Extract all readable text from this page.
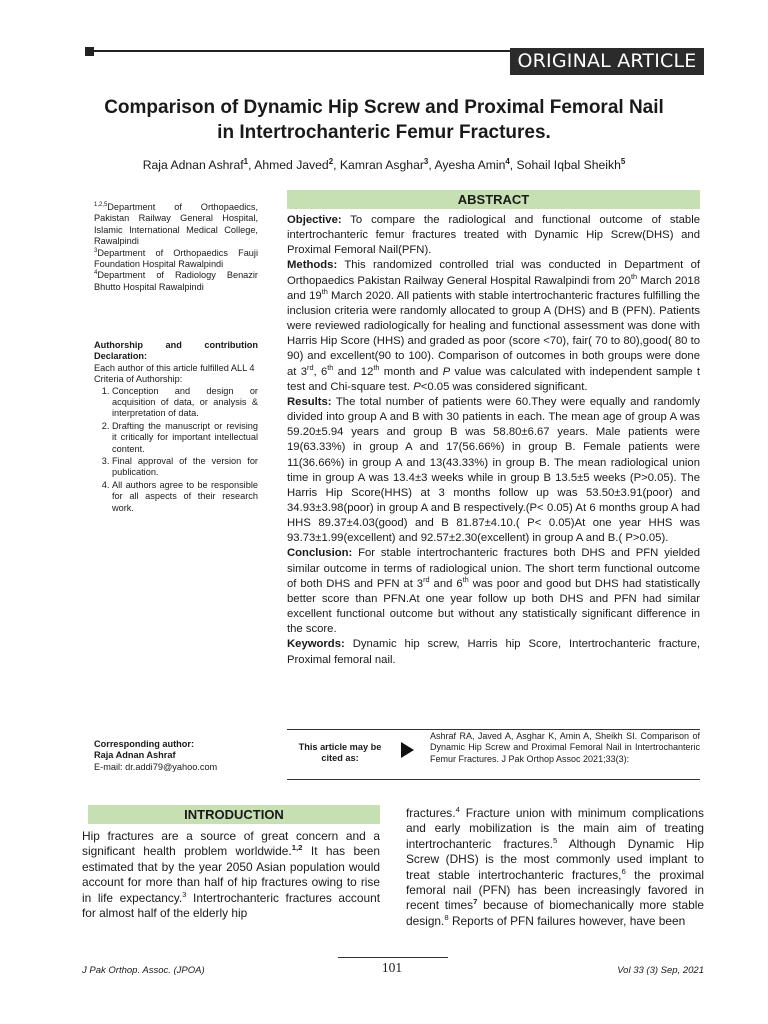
ORIGINAL ARTICLE
Comparison of Dynamic Hip Screw and Proximal Femoral Nail
in Intertrochanteric Femur Fractures.
Raja Adnan Ashraf$^1$, Ahmed Javed$^2$, Kamran Asghar$^3$, Ayesha Amin$^4$, Sohail Iqbal Sheikh$^5$
$^{1,2,5}$Department of Orthopaedics, Pakistan Railway General Hospital, Islamic International Medical College, Rawalpindi
$^3$Department of Orthopaedics Fauji Foundation Hospital Rawalpindi
$^4$Department of Radiology Benazir Bhutto Hospital Rawalpindi
Authorship and contribution Declaration:
Each author of this article fulfilled ALL 4 Criteria of Authorship:
1. Conception and design or acquisition of data, or analysis & interpretation of data.
2. Drafting the manuscript or revising it critically for important intellectual content.
3. Final approval of the version for publication.
4. All authors agree to be responsible for all aspects of their research work.
Corresponding author:
Raja Adnan Ashraf
E-mail: dr.addi79@yahoo.com
ABSTRACT

Objective: To compare the radiological and functional outcome of stable intertrochanteric femur fractures treated with Dynamic Hip Screw(DHS) and Proximal Femoral Nail(PFN).

Methods: This randomized controlled trial was conducted in Department of Orthopaedics Pakistan Railway General Hospital Rawalpindi from 20th March 2018 and 19th March 2020. All patients with stable intertrochanteric fractures fulfilling the inclusion criteria were randomly allocated to group A (DHS) and B (PFN). Patients were reviewed radiologically for healing and functional assessment was done with Harris Hip Score (HHS) and graded as poor (score <70), fair( 70 to 80),good( 80 to 90) and excellent(90 to 100). Comparison of outcomes in both groups were done at 3rd, 6th and 12th month and P value was calculated with independent sample t test and Chi-square test. P<0.05 was considered significant.

Results: The total number of patients were 60.They were equally and randomly divided into group A and B with 30 patients in each. The mean age of group A was 59.20±5.94 years and group B was 58.80±6.67 years. Male patients were 19(63.33%) in group A and 17(56.66%) in group B. Female patients were 11(36.66%) in group A and 13(43.33%) in group B. The mean radiological union time in group A was 13.4±3 weeks while in group B 13.5±5 weeks (P>0.05). The Harris Hip Score(HHS) at 3 months follow up was 53.50±3.91(poor) and 34.93±3.98(poor) in group A and B respectively.(P< 0.05) At 6 months group A had HHS 89.37±4.03(good) and B 81.87±4.10.( P< 0.05)At one year HHS was 93.73±1.99(excellent) and 92.57±2.30(excellent) in group A and B.( P>0.05).

Conclusion: For stable intertrochanteric fractures both DHS and PFN yielded similar outcome in terms of radiological union. The short term functional outcome of both DHS and PFN at 3rd and 6th was poor and good but DHS had statistically better score than PFN.At one year follow up both DHS and PFN had similar excellent functional outcome but without any statistically significant difference in the score.

Keywords: Dynamic hip screw, Harris hip Score, Intertrochanteric fracture, Proximal femoral nail.

This article may be cited as:
Ashraf RA, Javed A, Asghar K, Amin A, Sheikh SI. Comparison of Dynamic Hip Screw and Proximal Femoral Nail in Intertrochanteric Femur Fractures. J Pak Orthop Assoc 2021;33(3):
INTRODUCTION
Hip fractures are a source of great concern and a significant health problem worldwide.$^{1,2}$ It has been estimated that by the year 2050 Asian population would account for more than half of hip fractures owing to rise in life expectancy.$^3$ Intertrochanteric fractures account for almost half of the elderly hip
fractures.$^4$ Fracture union with minimum complications and early mobilization is the main aim of treating intertrochanteric fractures.$^5$ Although Dynamic Hip Screw (DHS) is the most commonly used implant to treat stable intertrochanteric fractures,$^6$ the proximal femoral nail (PFN) has been increasingly favored in recent times$^7$ because of biomechanically more stable design.$^8$ Reports of PFN failures however, have been
J Pak Orthop. Assoc. (JPOA)	101	Vol 33 (3) Sep, 2021
